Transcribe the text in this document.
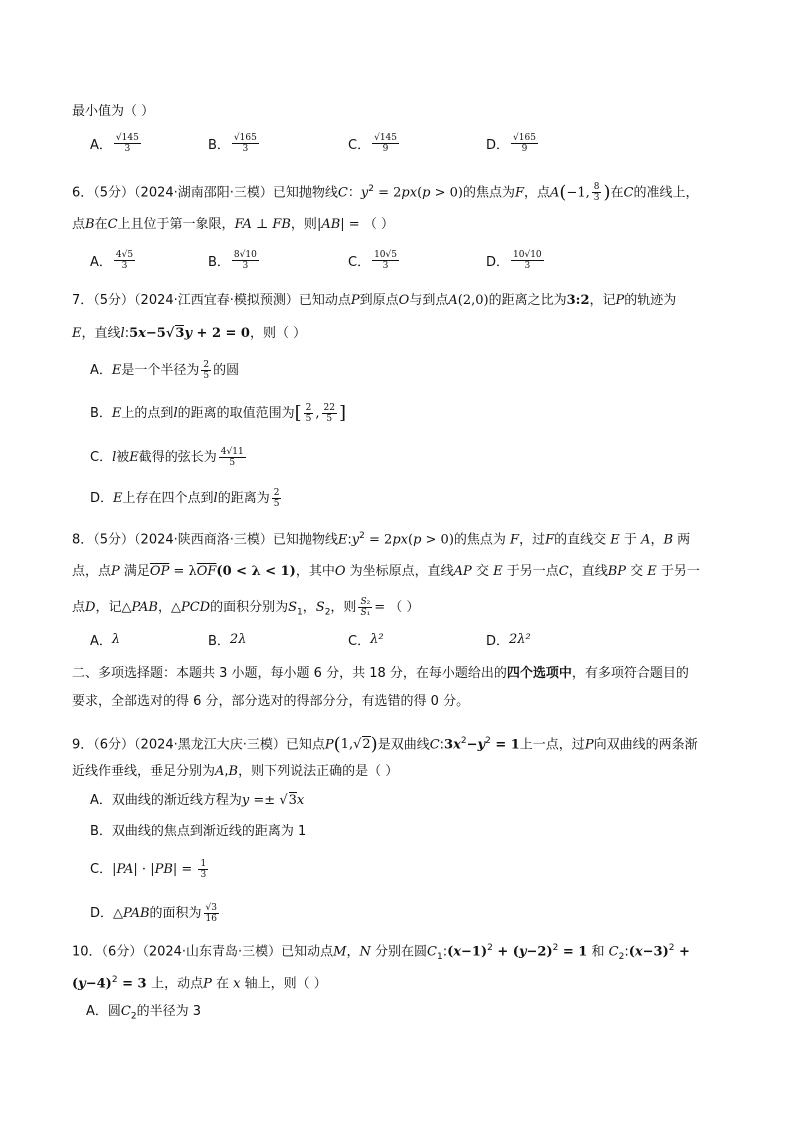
最小值为（ ）
A． $\frac{√145}{3}$	B． $\frac{√165}{3}$	C． $\frac{√145}{9}$	D． $\frac{√165}{9}$
6．（5分）（2024·湖南邵阳·三模）已知抛物线C：$y^2 = 2px(p > 0)$的焦点为F，点A(−1, $\frac{8}{3}$ )在C的准线上，
点B在C上且位于第一象限，FA ⊥ FB，则|AB| = （ ）
A． $\frac{4√5}{3}$	B． $\frac{8√10}{3}$	C． $\frac{10√5}{3}$	D． $\frac{10√10}{3}$
7．（5分）（2024·江西宜春·模拟预测）已知动点P到原点O与到点A(2,0)的距离之比为3:2，记P的轨迹为
E，直线l:5x−5√3y + 2 = 0，则（ ）
A．E是一个半径为 $\frac{2}{5}$ 的圆
B．E上的点到l的距离的取值范围为[ $\frac{2}{5}$ , $\frac{22}{5}$ ]
C．l被E截得的弦长为 $\frac{4√11}{5}$
D．E上存在四个点到l的距离为 $\frac{2}{5}$
8．（5分）（2024·陕西商洛·三模）已知抛物线$E:y^2 = 2px(p > 0)$的焦点为 F，过F的直线交 E 于 A，B 两
点，点P 满足$\overline{OP} = \lambda\overline{OF}(0 < \lambda < 1)$，其中O 为坐标原点，直线AP 交 E 于另一点C，直线BP 交 E 于另一
点D，记△PAB，△PCD的面积分别为$S_1$，$S_2$，则 $\frac{\text{S₂}}{\text{S₁}}$ = （ ）
A． λ	B． 2λ	C． λ²	D． 2λ²
二、多项选择题：本题共 3 小题，每小题 6 分，共 18 分，在每小题给出的四个选项中，有多项符合题目的
要求，全部选对的得 6 分，部分选对的得部分分，有选错的得 0 分。
9．（6分）（2024·黑龙江大庆·三模）已知点P(1,√2)是双曲线$C:3x^2-y^2 = 1$上一点，过P向双曲线的两条渐
近线作垂线，垂足分别为A,B，则下列说法正确的是（ ）
A．双曲线的渐近线方程为y =± √3x
B．双曲线的焦点到渐近线的距离为 1
C．$|PA| \cdot |PB| = \frac{1}{3}$
D．△PAB的面积为 $\frac{√3}{16}$
10．（6分）（2024·山东青岛·三模）已知动点M，N 分别在圆$C_1:(x-1)^2 + (y-2)^2 = 1$ 和 $C_2:(x-3)^2$ +
$(y-4)^2 = 3$ 上，动点P 在 x 轴上，则（ ）
A．圆$C_2$的半径为 3
